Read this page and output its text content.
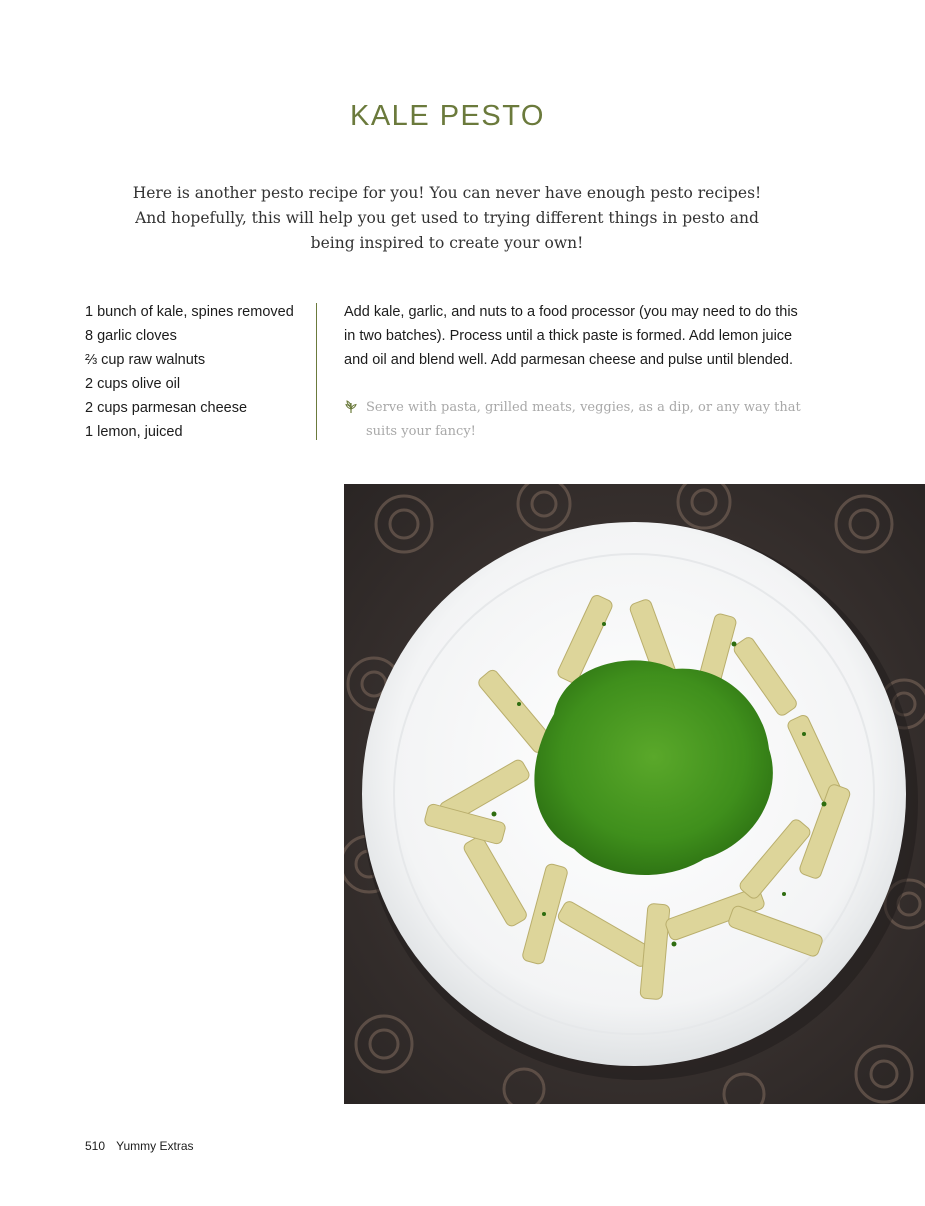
KALE PESTO
Here is another pesto recipe for you! You can never have enough pesto recipes!
And hopefully, this will help you get used to trying different things in pesto and
being inspired to create your own!
1 bunch of kale, spines removed
8 garlic cloves
⅔ cup raw walnuts
2 cups olive oil
2 cups parmesan cheese
1 lemon, juiced
Add kale, garlic, and nuts to a food processor (you may need to do this
in two batches). Process until a thick paste is formed. Add lemon juice
and oil and blend well. Add parmesan cheese and pulse until blended.
Serve with pasta, grilled meats, veggies, as a dip, or any way that
suits your fancy!
510 Yummy Extras
